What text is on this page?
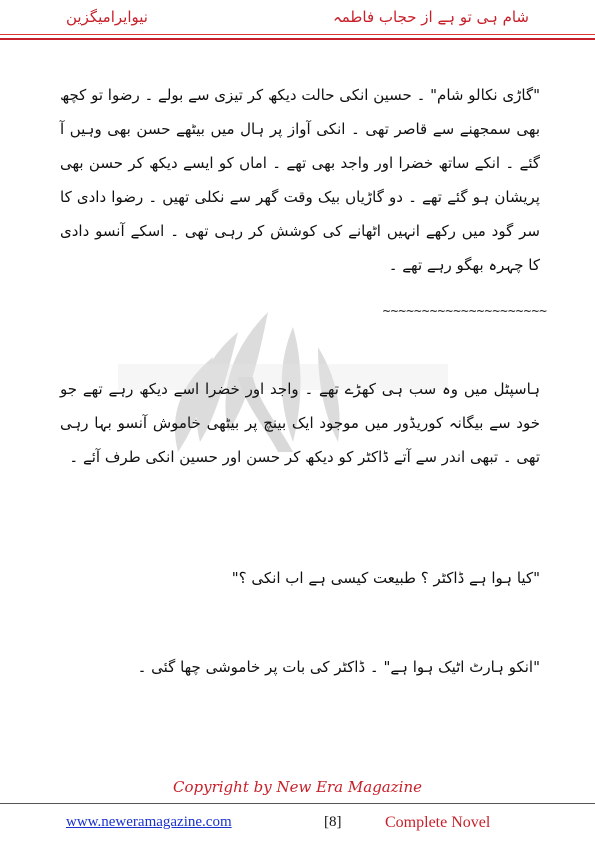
نیوایرامیگزین	شام ہی تو ہے از حجاب فاطمہ
"گاڑی نکالو شام" ۔ حسین انکی حالت دیکھ کر تیزی سے بولے ۔ رضوا تو کچھ بھی سمجھنے سے قاصر تھی ۔ انکی آواز پر ہال میں بیٹھے حسن بھی وہیں آ گئے ۔ انکے ساتھ خضرا اور واجد بھی تھے ۔ اماں کو ایسے دیکھ کر حسن بھی پریشان ہو گئے تھے ۔ دو گاڑیاں بیک وقت گھر سے نکلی تھیں ۔ رضوا دادی کا سر گود میں رکھے انہیں اٹھانے کی کوشش کر رہی تھی ۔ اسکے آنسو دادی کا چہرہ بھگو رہے تھے ۔
~~~~~~~~~~~~~~~~~~~~~
ہاسپٹل میں وہ سب ہی کھڑے تھے ۔ واجد اور خضرا اسے دیکھ رہے تھے جو خود سے بیگانہ کوریڈور میں موجود ایک بینچ پر بیٹھی خاموش آنسو بہا رہی تھی ۔ تبھی اندر سے آتے ڈاکٹر کو دیکھ کر حسن اور حسین انکی طرف آئے ۔
"کیا ہوا ہے ڈاکٹر ؟ طبیعت کیسی ہے اب انکی ؟"
"انکو ہارٹ اٹیک ہوا ہے" ۔ ڈاکٹر کی بات پر خاموشی چھا گئی ۔
Copyright by New Era Magazine
www.neweramagazine.com	[8]	Complete Novel
